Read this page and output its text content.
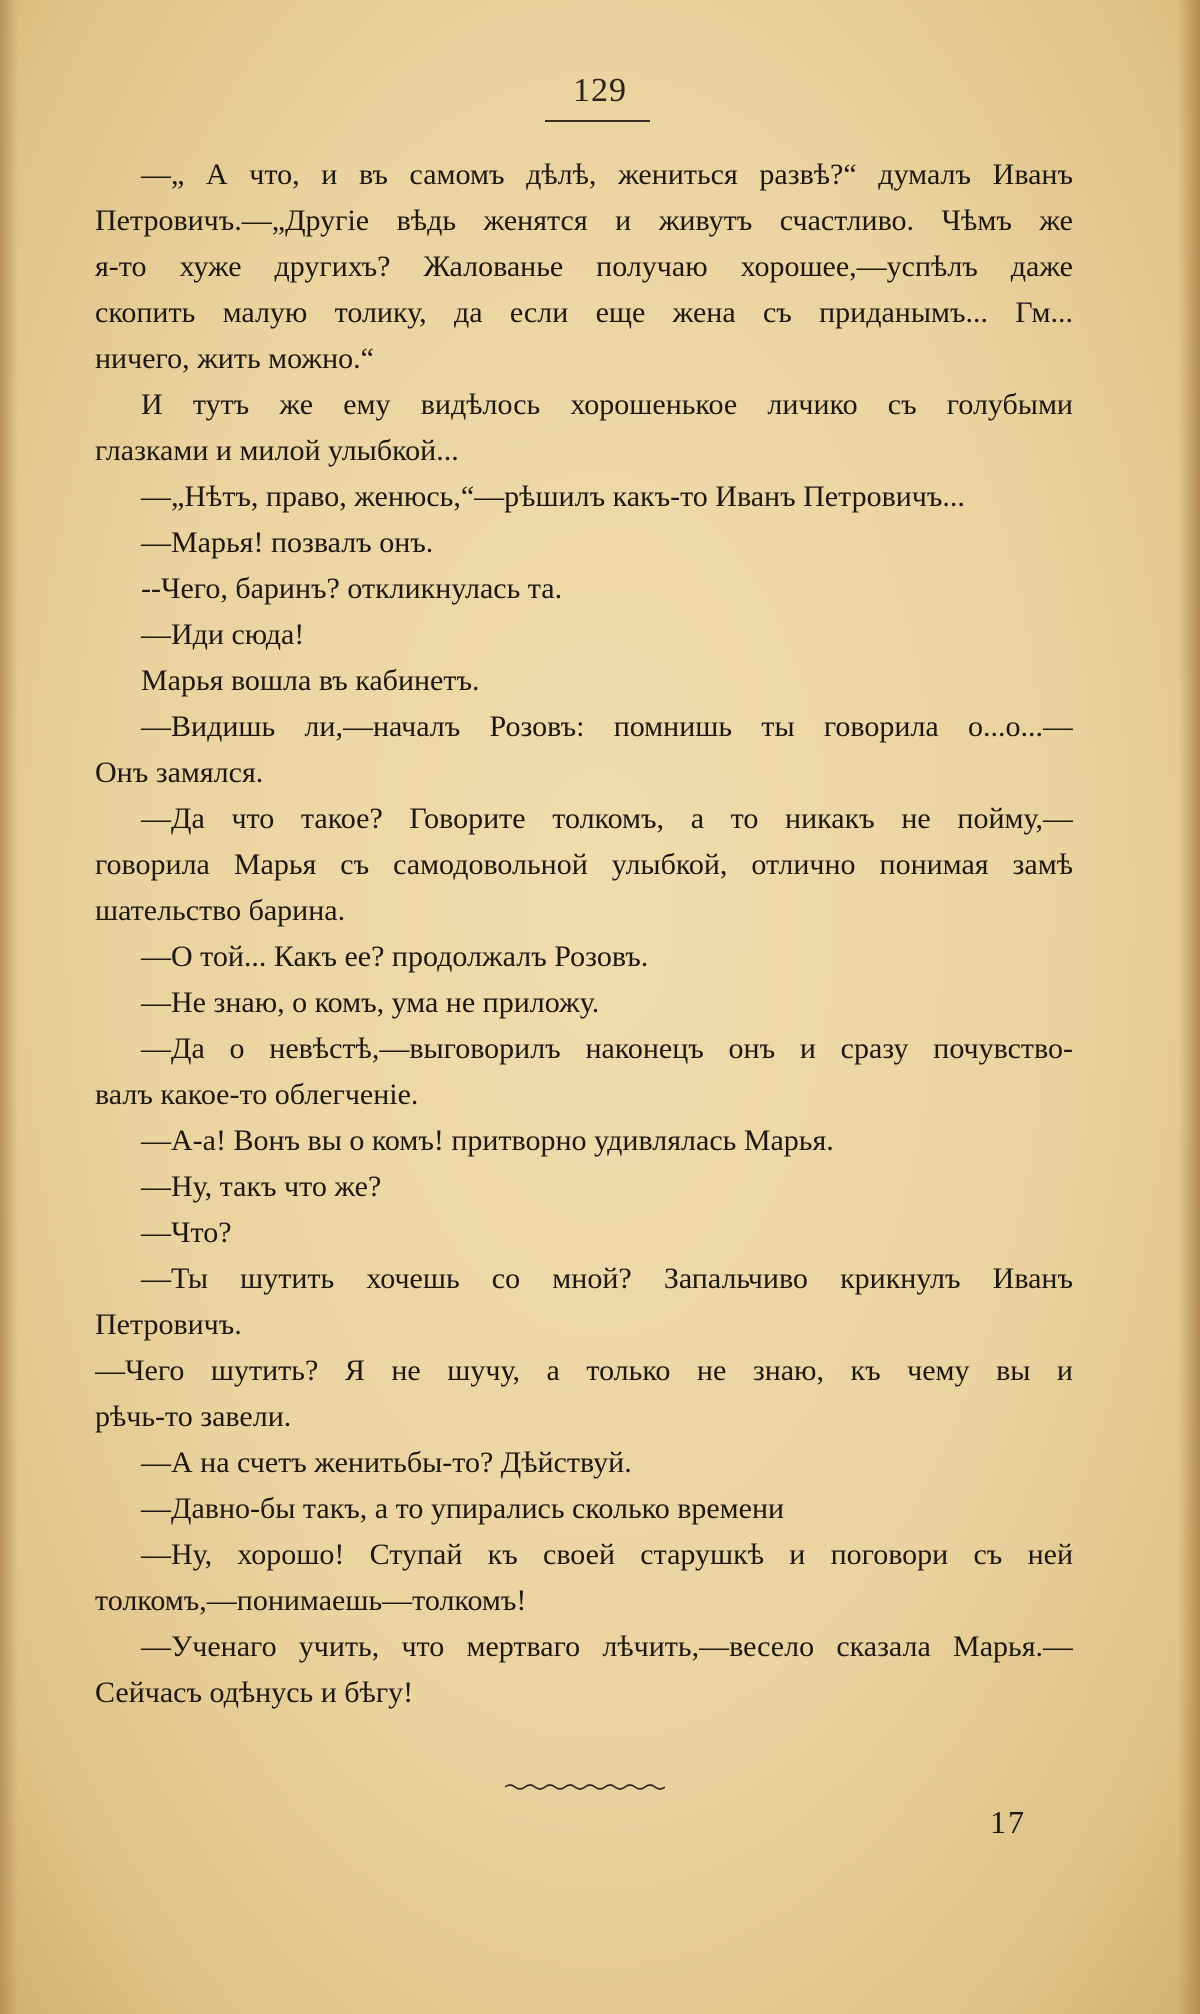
129
—„ А что, и въ самомъ дѣлѣ, жениться развѣ?“ думалъ Иванъ
Петровичъ.—„Другіе вѣдь женятся и живутъ счастливо. Чѣмъ же
я-то хуже другихъ? Жалованье получаю хорошее,—успѣлъ даже
скопить малую толику, да если еще жена съ приданымъ... Гм...
ничего, жить можно.“
И тутъ же ему видѣлось хорошенькое личико съ голубыми
глазками и милой улыбкой...
—„Нѣтъ, право, женюсь,“—рѣшилъ какъ-то Иванъ Петровичъ...
—Марья! позвалъ онъ.
--Чего, баринъ? откликнулась та.
—Иди сюда!
Марья вошла въ кабинетъ.
—Видишь ли,—началъ Розовъ: помнишь ты говорила о...о...—
Онъ замялся.
—Да что такое? Говорите толкомъ, а то никакъ не пойму,—
говорила Марья съ самодовольной улыбкой, отлично понимая замѣ
шательство барина.
—О той... Какъ ее? продолжалъ Розовъ.
—Не знаю, о комъ, ума не приложу.
—Да о невѣстѣ,—выговорилъ наконецъ онъ и сразу почувство-
валъ какое-то облегченіе.
—А-а! Вонъ вы о комъ! притворно удивлялась Марья.
—Ну, такъ что же?
—Что?
—Ты шутить хочешь со мной? Запальчиво крикнулъ Иванъ
Петровичъ.
—Чего шутить? Я не шучу, а только не знаю, къ чему вы и
рѣчь-то завели.
—А на счетъ женитьбы-то? Дѣйствуй.
—Давно-бы такъ, а то упирались сколько времени
—Ну, хорошо! Ступай къ своей старушкѣ и поговори съ ней
толкомъ,—понимаешь—толкомъ!
—Ученаго учить, что мертваго лѣчить,—весело сказала Марья.—
Сейчасъ одѣнусь и бѣгу!
17
